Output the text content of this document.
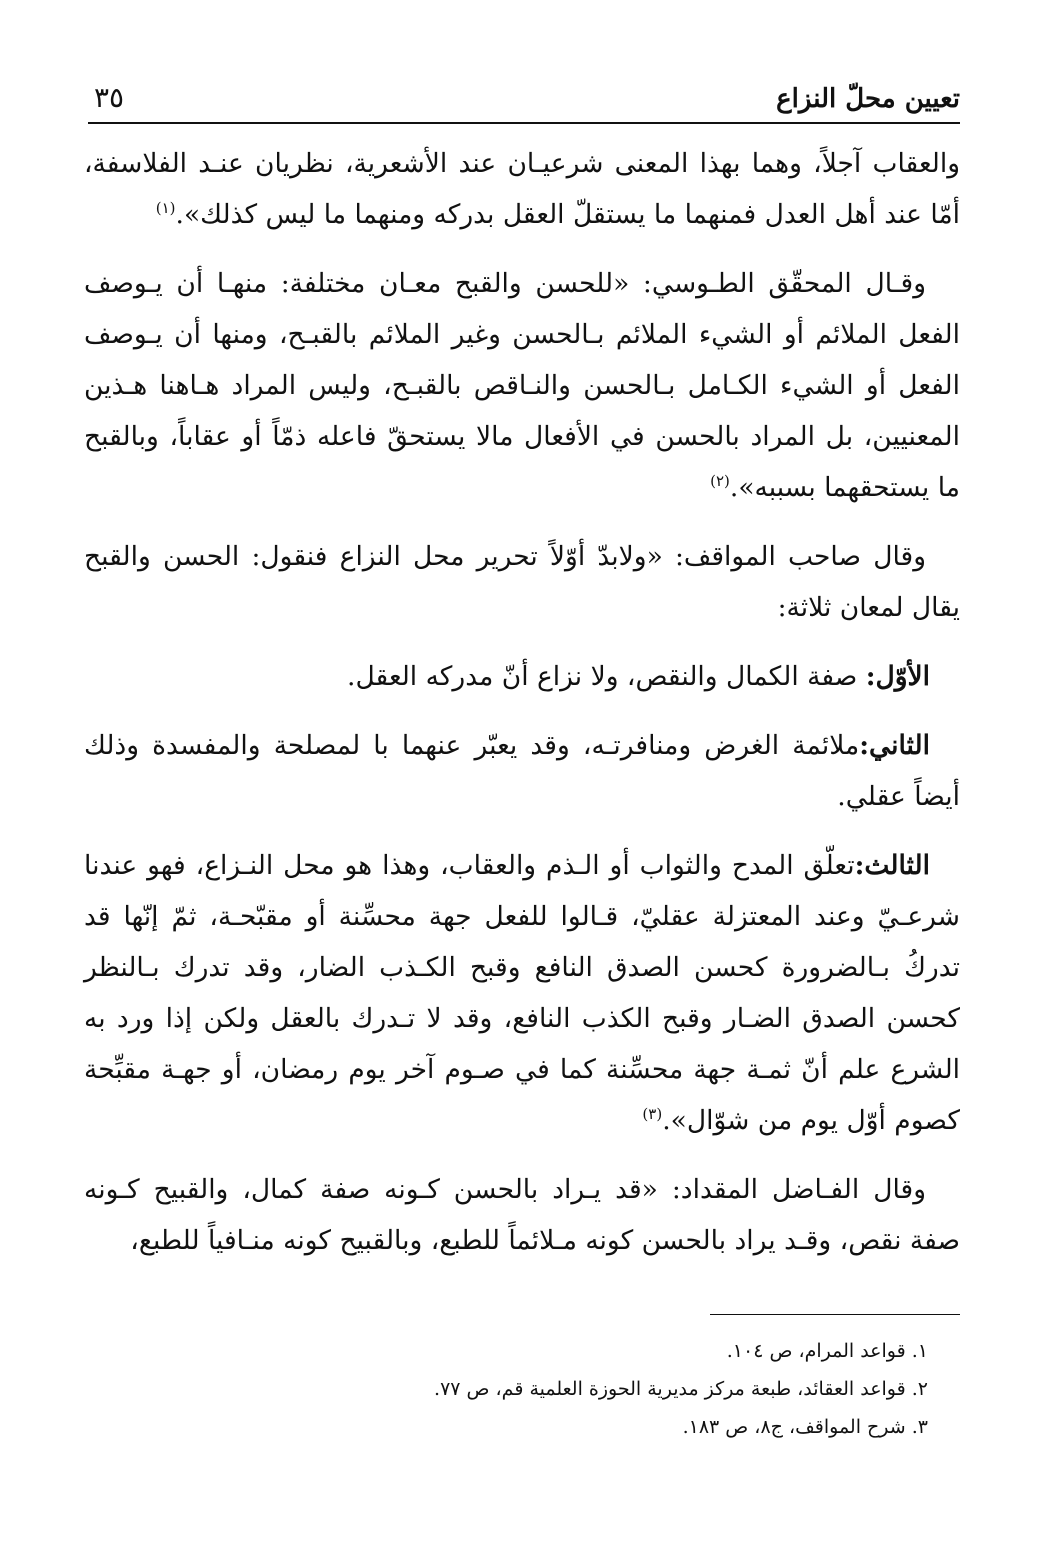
تعيين محلّ النزاع
٣٥

والعقاب آجلاً، وهما بهذا المعنى شرعيـان عند الأشعرية، نظريان عنـد الفلاسفة، أمّا عند أهل العدل فمنهما ما يستقلّ العقل بدركه ومنهما ما ليس كذلك».$^{(١)}$

وقـال المحقّق الطـوسي: «للحسن والقبح معـان مختلفة: منهـا أن يـوصف الفعل الملائم أو الشيء الملائم بـالحسن وغير الملائم بالقبـح، ومنها أن يـوصف الفعل أو الشيء الكـامل بـالحسن والنـاقص بالقبـح، وليس المراد هـاهنا هـذين المعنيين، بل المراد بالحسن في الأفعال مالا يستحقّ فاعله ذمّاً أو عقاباً، وبالقبح ما يستحقهما بسببه».$^{(٢)}$

وقال صاحب المواقف: «ولابدّ أوّلاً تحرير محل النزاع فنقول: الحسن والقبح يقال لمعان ثلاثة:

الأوّل: صفة الكمال والنقص، ولا نزاع أنّ مدركه العقل.

الثاني:ملائمة الغرض ومنافرتـه، وقد يعبّر عنهما با لمصلحة والمفسدة وذلك أيضاً عقلي.

الثالث:تعلّق المدح والثواب أو الـذم والعقاب، وهذا هو محل النـزاع، فهو عندنا شرعـيّ وعند المعتزلة عقليّ، قـالوا للفعل جهة محسِّنة أو مقبّحـة، ثمّ إنّها قد تدركُ بـالضرورة كحسن الصدق النافع وقبح الكـذب الضار، وقد تدرك بـالنظر كحسن الصدق الضـار وقبح الكذب النافع، وقد لا تـدرك بالعقل ولكن إذا ورد به الشرع علم أنّ ثمـة جهة محسِّنة كما في صـوم آخر يوم رمضان، أو جهـة مقبِّحة كصوم أوّل يوم من شوّال».$^{(٣)}$

وقال الفـاضل المقداد: «قد يـراد بالحسن كـونه صفة كمال، والقبيح كـونه صفة نقص، وقـد يراد بالحسن كونه مـلائماً للطبع، وبالقبيح كونه منـافياً للطبع،

١. قواعد المرام، ص ١٠٤.

٢. قواعد العقائد، طبعة مركز مديرية الحوزة العلمية قم، ص ٧٧.

٣. شرح المواقف، ج٨، ص ١٨٣.
